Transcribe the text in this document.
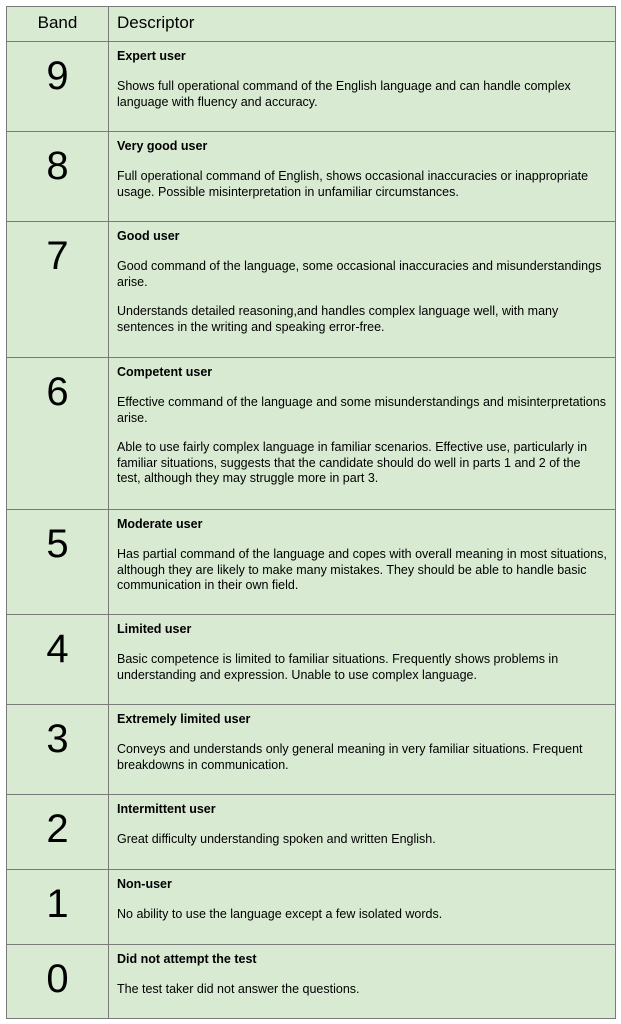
Band	Descriptor
9	Expert user

Shows full operational command of the English language and can handle complex language with fluency and accuracy.

8	Very good user

Full operational command of English, shows occasional inaccuracies or inappropriate usage. Possible misinterpretation in unfamiliar circumstances.

7	Good user

Good command of the language, some occasional inaccuracies and misunderstandings arise.

Understands detailed reasoning,and handles complex language well, with many sentences in the writing and speaking error-free.

6	Competent user

Effective command of the language and some misunderstandings and misinterpretations arise.

Able to use fairly complex language in familiar scenarios. Effective use, particularly in familiar situations, suggests that the candidate should do well in parts 1 and 2 of the test, although they may struggle more in part 3.

5	Moderate user

Has partial command of the language and copes with overall meaning in most situations, although they are likely to make many mistakes. They should be able to handle basic communication in their own field.

4	Limited user

Basic competence is limited to familiar situations. Frequently shows problems in understanding and expression. Unable to use complex language.

3	Extremely limited user

Conveys and understands only general meaning in very familiar situations. Frequent breakdowns in communication.

2	Intermittent user

Great difficulty understanding spoken and written English.

1	Non-user

No ability to use the language except a few isolated words.

0	Did not attempt the test

The test taker did not answer the questions.
